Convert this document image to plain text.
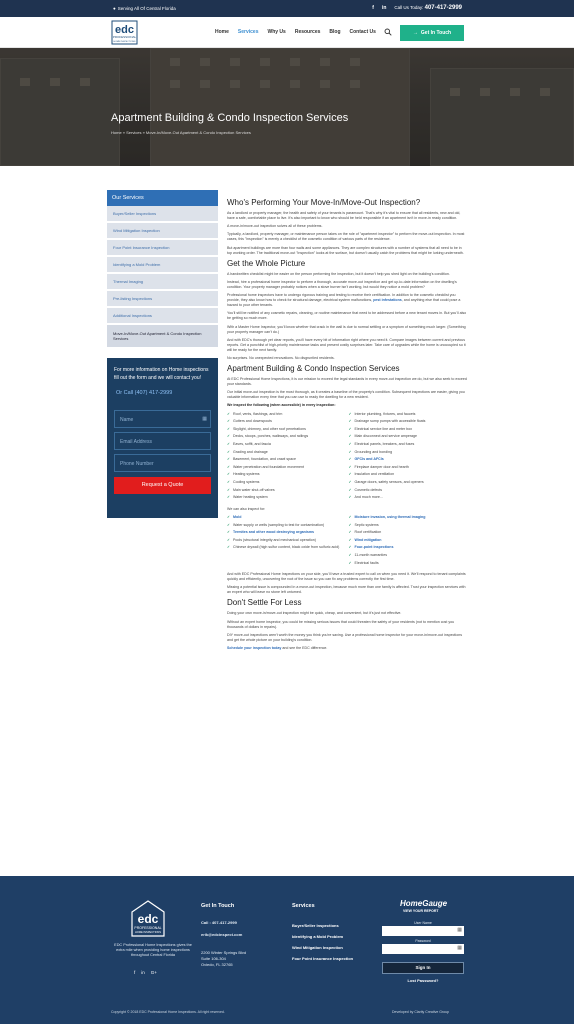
● Serving All Of Central Florida	f in Call Us Today: 407-417-2999
edc
PROFESSIONAL
HOME INSPECTIONS
Home Services Why Us Resources Blog Contact Us	→ Get In Touch
Apartment Building & Condo Inspection Services
Home » Services » Move-In/Move-Out Apartment & Condo Inspection Services
Our Services
Buyer/Seller Inspections
Wind Mitigation Inspection
Four Point Insurance Inspection
Identifying a Mold Problem
Thermal Imaging
Pre-listing Inspections
Additional Inspections
Move-In/Move-Out Apartment & Condo Inspection Services

For more information on Home inspections fill out the form and we will contact you!

Or Call (407) 417-2999
Name	▦
Email Address
Phone Number
Request a Quote
Who's Performing Your Move-In/Move-Out Inspection?

As a landlord or property manager, the health and safety of your tenants is paramount. That's why it's vital to ensure that all residents, new and old, have a safe, comfortable place to live. It's also important to know who should be held responsible if an apartment isn't in move-in ready condition.

A move-in/move-out inspection solves all of these problems.

Typically, a landlord, property manager, or maintenance person takes on the role of "apartment inspector" to perform the move-out inspection. In most cases, this "inspection" is merely a checklist of the cosmetic condition of various parts of the residence.

But apartment buildings are more than four walls and some appliances. They are complex structures with a number of systems that all need to be in top working order. The traditional move-out "inspection" looks at the surface, but doesn't usually catch the problems that might be lurking underneath.

Get the Whole Picture

A handwritten checklist might be easier on the person performing the inspection, but it doesn't help you shed light on the building's condition.

Instead, hire a professional home inspector to perform a thorough, accurate move-out inspection and get up-to-date information on the dwelling's condition. Your property manager probably notices when a stove burner isn't working, but would they notice a mold problem?

Professional home inspectors have to undergo rigorous training and testing to receive their certification. In addition to the cosmetic checklist you provide, they also know how to check for structural damage, electrical system malfunctions, pest infestations, and anything else that could pose a hazard to your other tenants.

You'll still be notified of any cosmetic repairs, cleaning, or routine maintenance that need to be addressed before a new tenant moves in. But you'll also be getting so much more.

With a Master Home Inspector, you'll know whether that crack in the wall is due to normal settling or a symptom of something much larger. (Something your property manager can't do.)

And with EDC's thorough yet clear reports, you'll have every bit of information right where you need it. Compare images between current and previous reports. Get a punchlist of high-priority maintenance tasks and present costly surprises later. Take care of upgrades while the home is unoccupied so it will be ready for the next family.

No surprises. No unexpected renovations. No disgruntled residents.

Apartment Building & Condo Inspection Services

At EDC Professional Home Inspections, it is our mission to exceed the legal standards in every move-out inspection we do, but we also seek to exceed your standards.

Our initial move-out inspection is the most thorough, as it creates a baseline of the property's condition. Subsequent inspections are easier, giving you valuable information every time that you can use to ready the dwelling for a new resident.

We inspect the following (when accessible) in every inspection:

✓ Roof, vents, flashings, and trim
✓ Gutters and downspouts
✓ Skylight, chimney, and other roof penetrations
✓ Decks, stoops, porches, walkways, and railings
✓ Eaves, soffit, and fascia
✓ Grading and drainage
✓ Basement, foundation, and crawl space
✓ Water penetration and foundation movement
✓ Heating systems
✓ Cooling systems
✓ Main water shut-off valves
✓ Water heating system
✓ Interior plumbing, fixtures, and faucets
✓ Drainage sump pumps with accessible floats
✓ Electrical service line and meter box
✓ Main disconnect and service amperage
✓ Electrical panels, breakers, and fuses
✓ Grounding and bonding
✓ GFCIs and AFCIs
✓ Fireplace damper door and hearth
✓ Insulation and ventilation
✓ Garage doors, safety sensors, and openers
✓ Cosmetic defects
✓ And much more…

We can also inspect for:

✓ Mold
✓ Water supply or wells (sampling to test for contamination)
✓ Termites and other wood destroying organisms
✓ Pools (structural integrity and mechanical operation)
✓ Chinese drywall (high sulfur content, black oxide from sulfuric acid)
✓ Moisture invasion, using thermal imaging
✓ Septic systems
✓ Roof certification
✓ Wind mitigation
✓ Four-point inspections
✓ 11-month warranties
✓ Electrical faults

And with EDC Professional Home Inspections on your side, you'll have a trusted expert to call on when you need it. We'll respond to tenant complaints quickly and efficiently, uncovering the root of the issue so you can fix any problems correctly the first time.

Missing a potential issue is compounded in a move-out inspection, because much more than one family is affected. Trust your inspection services with an expert who will leave no stone left unturned.

Don't Settle For Less

Doing your own move-in/move-out inspection might be quick, cheap, and convenient, but it's just not effective.

Without an expert home inspector, you could be missing serious issues that could threaten the safety of your residents (not to mention cost you thousands of dollars in repairs).

DIY move-out inspections aren't worth the money you think you're saving. Use a professional home inspector for your move-in/move-out inspections and get the whole picture on your building's condition.

Schedule your inspection today and see the EDC difference.

edc
PROFESSIONAL
HOME INSPECTIONS
EDC Professional Home Inspections gives the extra mile when providing home inspections throughout Central Florida
f in G+
Get In Touch
Call : 407-417-2999
erik@edcinspect.com
2200 Winter Springs Blvd
Suite 106-304
Oviedo, FL 32765
Services
Buyer/Seller Inspections
Identifying a Mold Problem
Wind Mitigation Inspection
Four Point Insurance Inspection
HomeGauge
VIEW YOUR REPORT
User Name
▦
Password
▦
Sign In
Lost Password?
Copyright © 2018 EDC Professional Home Inspections. All right reserved.	Developed by Clarity Creative Group
